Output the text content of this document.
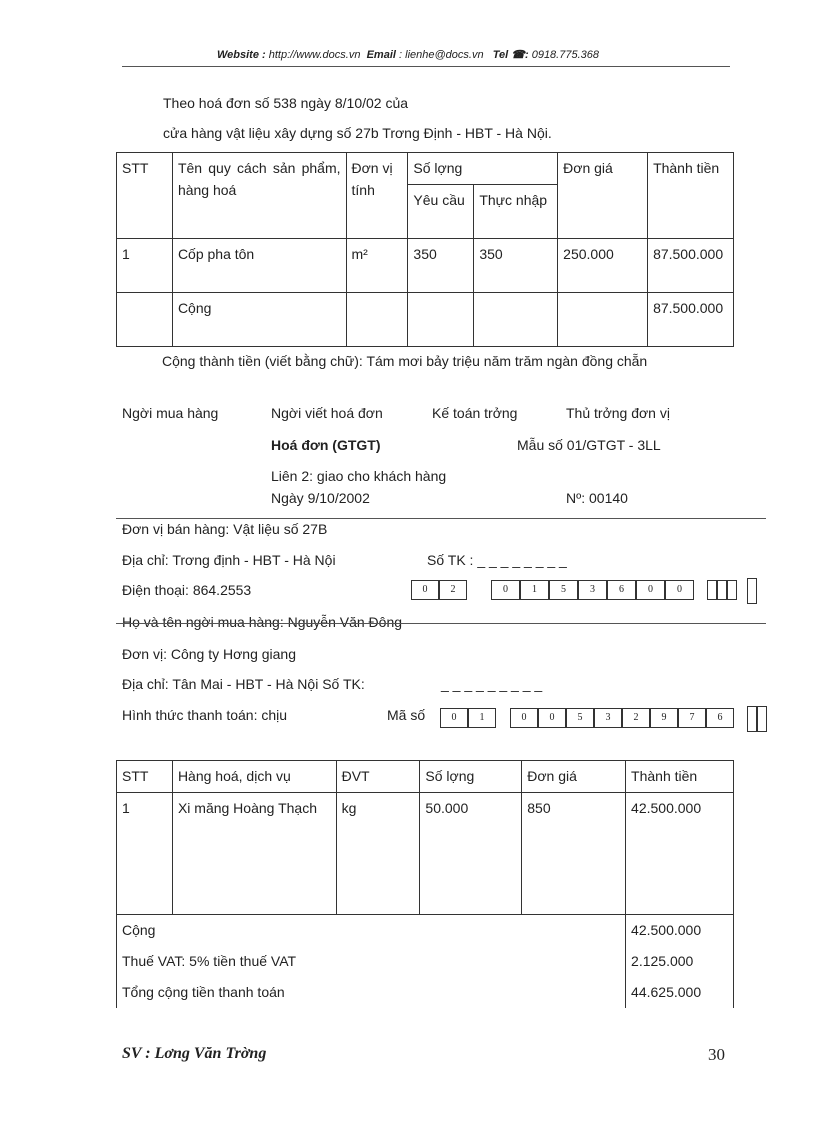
Website : http://www.docs.vn Email : lienhe@docs.vn Tel ☎: 0918.775.368
Theo hoá đơn số 538 ngày 8/10/02 của
cửa hàng vật liệu xây dựng số 27b Trơng Định - HBT - Hà Nội.
STT	Tên quy cách sản phẩm, hàng hoá	Đơn vị tính	Số lợng		Đơn giá	Thành tiền
			Yêu cầu	Thực nhập		
1	Cốp pha tôn	m²	350	350	250.000	87.500.000
	Cộng					87.500.000
Cộng thành tiền (viết bằng chữ): Tám mơi bảy triệu năm trăm ngàn đồng chẵn
Ngời mua hàng	Ngời viết hoá đơn	Kế toán trởng	Thủ trởng đơn vị
Hoá đơn (GTGT)	Mẫu số 01/GTGT - 3LL
Liên 2: giao cho khách hàng
Ngày 9/10/2002	Nº: 00140
Đơn vị bán hàng: Vật liệu số 27B
Địa chỉ: Trơng định - HBT - Hà Nội	Số TK : _ _ _ _ _ _ _ _
Điện thoại: 864.2553	0	2	0	1	5	3	6	0	0
Họ và tên ngời mua hàng: Nguyễn Văn Đông
Đơn vị: Công ty Hơng giang
Địa chỉ: Tân Mai - HBT - Hà Nội Số TK:	_ _ _ _ _ _ _ _ _
Hình thức thanh toán: chịu	Mã số	0	1	0	0	5	3	2	9	7	6
STT	Hàng hoá, dịch vụ	ĐVT	Số lợng	Đơn giá	Thành tiền
1	Xi măng Hoàng Thạch	kg	50.000	850	42.500.000
Cộng					42.500.000
Thuế VAT: 5% tiền thuế VAT					2.125.000
Tổng cộng tiền thanh toán					44.625.000
SV : Lơng Văn Trờng	30
